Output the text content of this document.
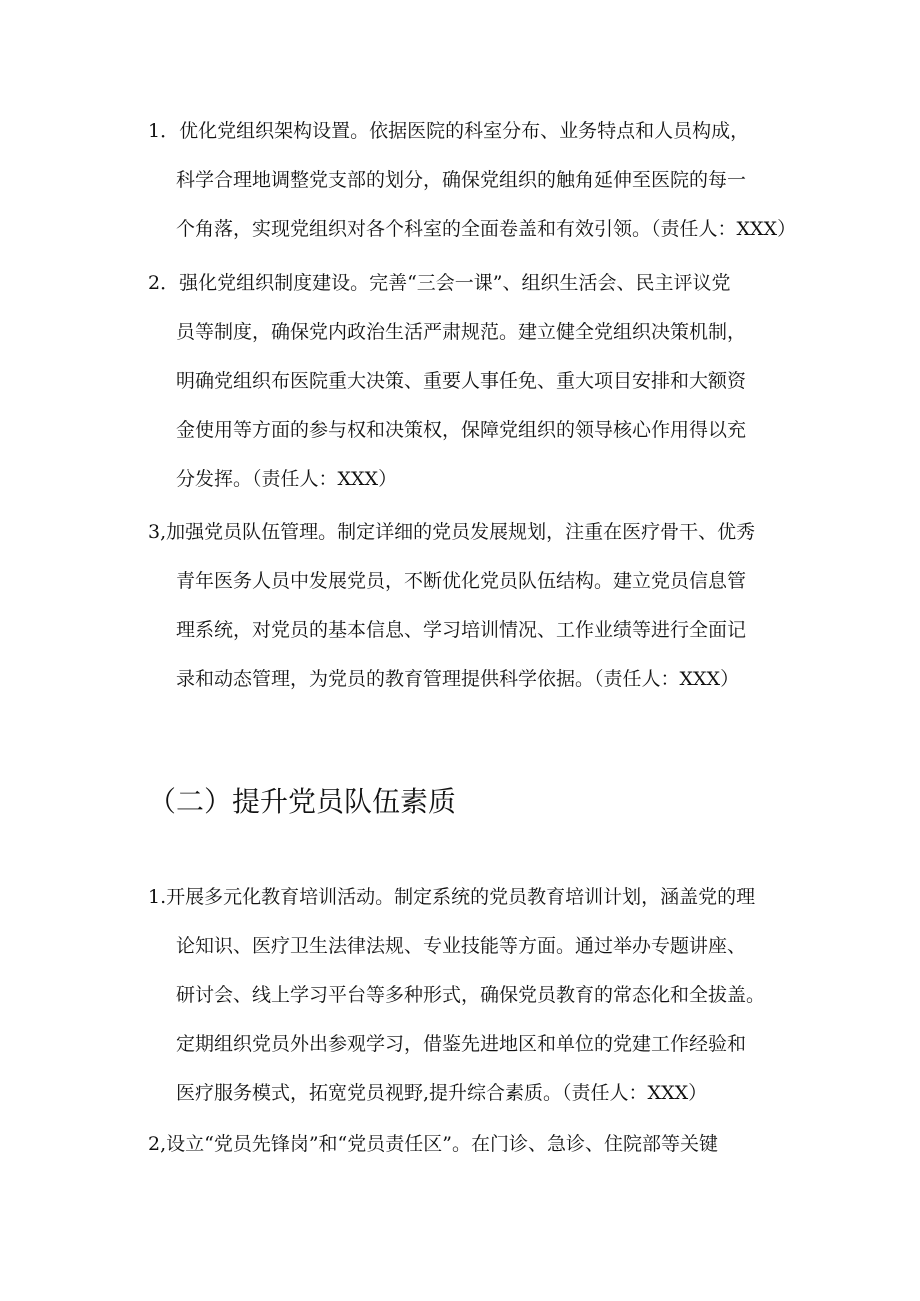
1．优化党组织架构设置。依据医院的科室分布、业务特点和人员构成，
科学合理地调整党支部的划分，确保党组织的触角延伸至医院的每一
个角落，实现党组织对各个科室的全面卷盖和有效引领。（责任人：XXX）
2．强化党组织制度建设。完善“三会一课”、组织生活会、民主评议党
员等制度，确保党内政治生活严肃规范。建立健全党组织决策机制，
明确党组织布医院重大决策、重要人事任免、重大项目安排和大额资
金使用等方面的参与权和决策权，保障党组织的领导核心作用得以充
分发挥。（责任人：XXX）
3,加强党员队伍管理。制定详细的党员发展规划，注重在医疗骨干、优秀
青年医务人员中发展党员，不断优化党员队伍结构。建立党员信息管
理系统，对党员的基本信息、学习培训情况、工作业绩等进行全面记
录和动态管理，为党员的教育管理提供科学依据。（责任人：XXX）
（二）提升党员队伍素质
1.开展多元化教育培训活动。制定系统的党员教育培训计划，涵盖党的理
论知识、医疗卫生法律法规、专业技能等方面。通过举办专题讲座、
研讨会、线上学习平台等多种形式，确保党员教育的常态化和全拔盖。
定期组织党员外出参观学习，借鉴先进地区和单位的党建工作经验和
医疗服务模式，拓宽党员视野,提升综合素质。（责任人：XXX）
2,设立“党员先锋岗”和“党员责任区”。在门诊、急诊、住院部等关键
